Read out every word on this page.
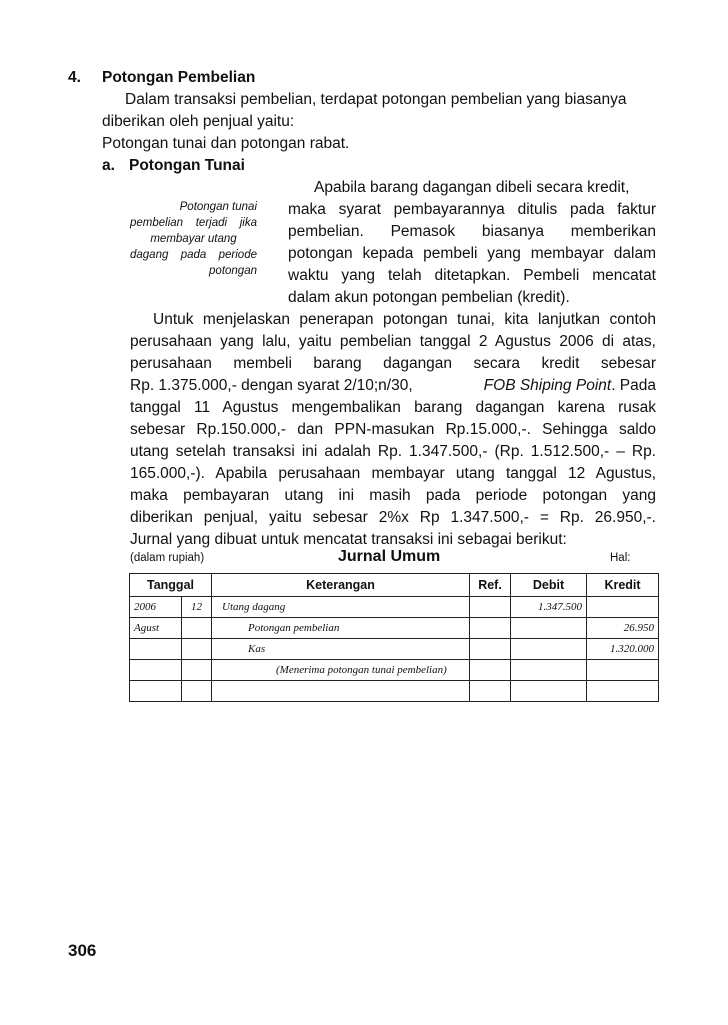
4. Potongan Pembelian
Dalam transaksi pembelian, terdapat potongan pembelian yang biasanya
diberikan oleh penjual yaitu:
Potongan tunai dan potongan rabat.
a. Potongan Tunai
Potongan tunai
pembelian terjadi jika
membayar utang
dagang pada periode
potongan
Apabila barang dagangan dibeli secara kredit,
maka syarat pembayarannya ditulis pada faktur
pembelian. Pemasok biasanya memberikan
potongan kepada pembeli yang membayar dalam
waktu yang telah ditetapkan. Pembeli mencatat
dalam akun potongan pembelian (kredit).
Untuk menjelaskan penerapan potongan tunai, kita lanjutkan contoh
perusahaan yang lalu, yaitu pembelian tanggal 2 Agustus 2006 di atas,
perusahaan membeli barang dagangan secara kredit sebesar
Rp. 1.375.000,- dengan syarat 2/10;n/30,	FOB Shiping Point. Pada
tanggal 11 Agustus mengembalikan barang dagangan karena rusak
sebesar Rp.150.000,- dan PPN-masukan Rp.15.000,-. Sehingga saldo
utang setelah transaksi ini adalah Rp. 1.347.500,- (Rp. 1.512.500,- – Rp.
165.000,-). Apabila perusahaan membayar utang tanggal 12 Agustus,
maka pembayaran utang ini masih pada periode potongan yang
diberikan penjual, yaitu sebesar 2%x Rp 1.347.500,- = Rp. 26.950,-.
Jurnal yang dibuat untuk mencatat transaksi ini sebagai berikut:
(dalam rupiah)	Jurnal Umum	Hal:
Tanggal		Keterangan	Ref.	Debit	Kredit
2006	12	Utang dagang		1.347.500	
Agust		Potongan pembelian			26.950
		Kas			1.320.000
		(Menerima potongan tunai pembelian)			

306
